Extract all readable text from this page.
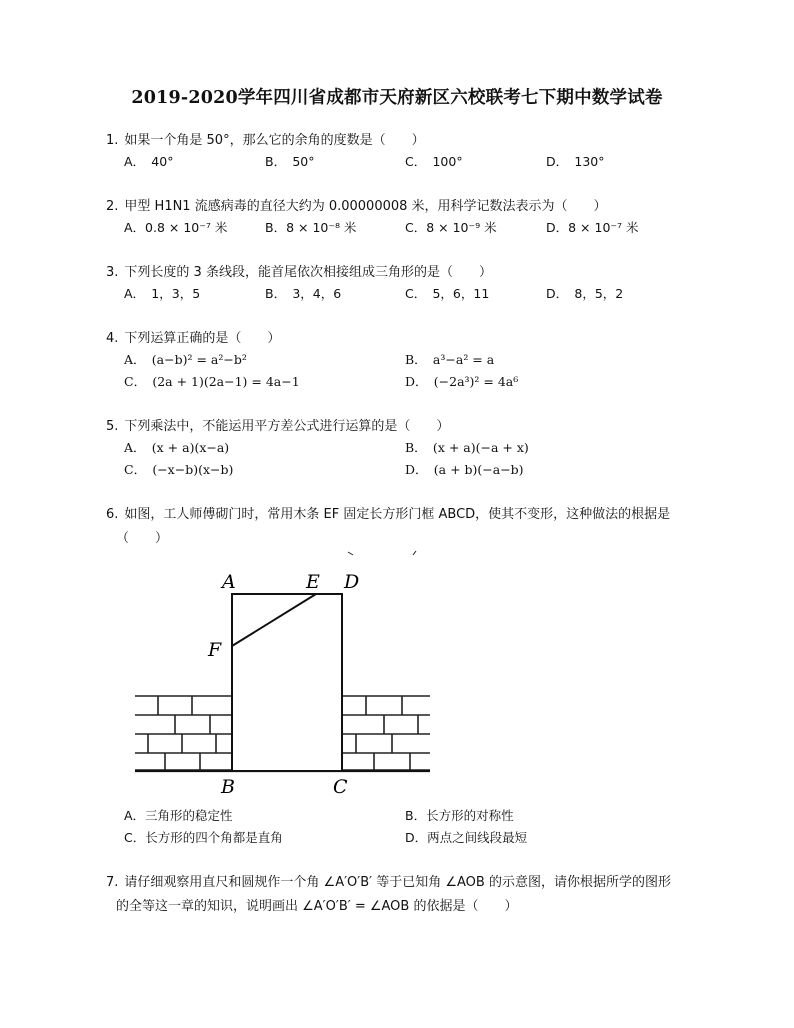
2019-2020学年四川省成都市天府新区六校联考七下期中数学试卷
1. 如果一个角是 50°，那么它的余角的度数是（　　）
A．　40°	B．　50°	C．　100°	D．　130°
2. 甲型 H1N1 流感病毒的直径大约为 0.00000008 米，用科学记数法表示为（　　）
A．0.8 × 10⁻⁷ 米	B．8 × 10⁻⁸ 米	C．8 × 10⁻⁹ 米	D．8 × 10⁻⁷ 米
3. 下列长度的 3 条线段，能首尾依次相接组成三角形的是（　　）
A．　1，3，5	B．　3，4，6	C．　5，6，11	D．　8，5，2
4. 下列运算正确的是（　　）
A．　(a−b)² = a²−b²	B．　a³−a² = a
C．　(2a + 1)(2a−1) = 4a−1	D．　(−2a³)² = 4a⁶
5. 下列乘法中，不能运用平方差公式进行运算的是（　　）
A．　(x + a)(x−a)	B．　(x + a)(−a + x)
C．　(−x−b)(x−b)	D．　(a + b)(−a−b)
6. 如图，工人师傅砌门时，常用木条 EF 固定长方形门框 ABCD，使其不变形，这种做法的根据是
（　　）
A	E D
F
B	C
A．三角形的稳定性	B．长方形的对称性
C．长方形的四个角都是直角	D．两点之间线段最短
7. 请仔细观察用直尺和圆规作一个角 ∠A′O′B′ 等于已知角 ∠AOB 的示意图，请你根据所学的图形
的全等这一章的知识，说明画出 ∠A′O′B′ = ∠AOB 的依据是（　　）
